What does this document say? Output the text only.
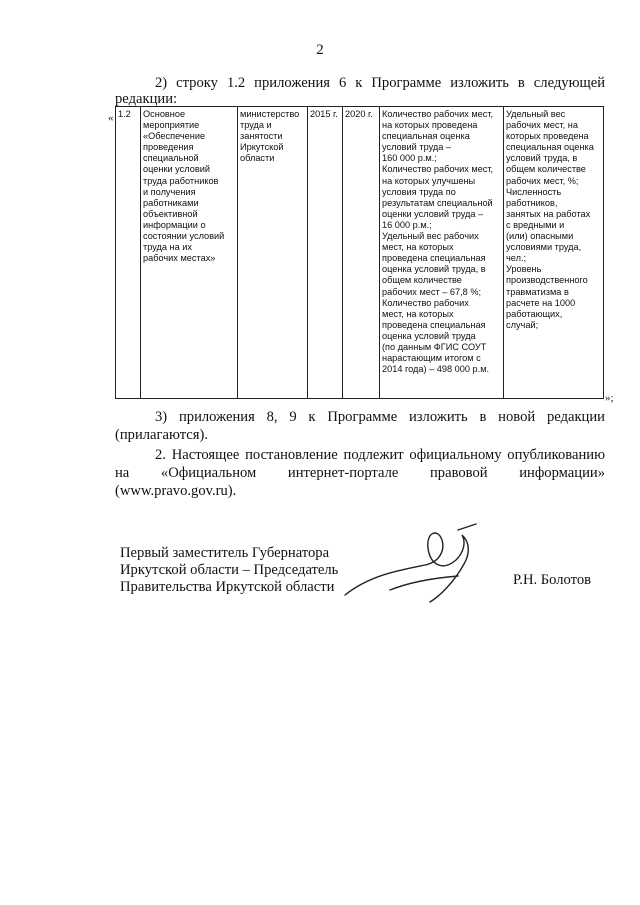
2
2) строку 1.2 приложения 6 к Программе изложить в следующей
редакции:
« 1.2	Основное
мероприятие
«Обеспечение
проведения
специальной
оценки условий
труда работников
и получения
работниками
объективной
информации о
состоянии условий
труда на их
рабочих местах»

министерство
труда и
занятости
Иркутской
области
	2015 г.	2020 г.	Количество рабочих мест,
на которых проведена
специальная оценка
условий труда –
160 000 р.м.;
Количество рабочих мест,
на которых улучшены
условия труда по
результатам специальной
оценки условий труда –
16 000 р.м.;
Удельный вес рабочих
мест, на которых
проведена специальная
оценка условий труда, в
общем количестве
рабочих мест – 67,8 %;
Количество рабочих
мест, на которых
проведена специальная
оценка условий труда
(по данным ФГИС СОУТ
нарастающим итогом с
2014 года) – 498 000 р.м.

Удельный вес
рабочих мест, на
которых проведена
специальная оценка
условий труда, в
общем количестве
рабочих мест, %;
Численность
работников,
занятых на работах
с вредными и
(или) опасными
условиями труда,
чел.;
Уровень
производственного
травматизма в
расчете на 1000
работающих,
случай;
»;
3) приложения 8, 9 к Программе изложить в новой редакции
(прилагаются).
2. Настоящее постановление подлежит официальному опубликованию
на «Официальном интернет-портале правовой информации»
(www.pravo.gov.ru).
Первый заместитель Губернатора
Иркутской области – Председатель
Правительства Иркутской области	Р.Н. Болотов
